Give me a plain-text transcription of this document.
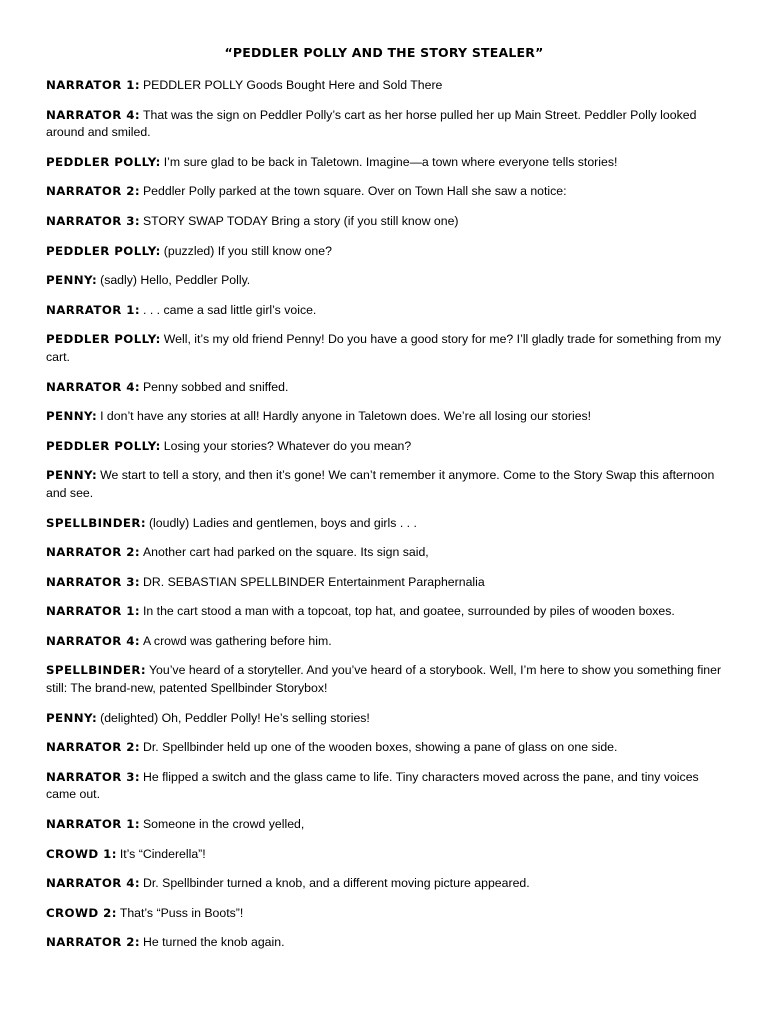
“PEDDLER POLLY AND THE STORY STEALER”
NARRATOR 1: PEDDLER POLLY Goods Bought Here and Sold There
NARRATOR 4: That was the sign on Peddler Polly’s cart as her horse pulled her up Main Street. Peddler Polly looked around and smiled.
PEDDLER POLLY: I’m sure glad to be back in Taletown. Imagine—a town where everyone tells stories!
NARRATOR 2: Peddler Polly parked at the town square. Over on Town Hall she saw a notice:
NARRATOR 3: STORY SWAP TODAY Bring a story (if you still know one)
PEDDLER POLLY: (puzzled) If you still know one?
PENNY: (sadly) Hello, Peddler Polly.
NARRATOR 1: . . . came a sad little girl’s voice.
PEDDLER POLLY: Well, it’s my old friend Penny! Do you have a good story for me? I’ll gladly trade for something from my cart.
NARRATOR 4: Penny sobbed and sniffed.
PENNY: I don’t have any stories at all! Hardly anyone in Taletown does. We’re all losing our stories!
PEDDLER POLLY: Losing your stories? Whatever do you mean?
PENNY: We start to tell a story, and then it’s gone! We can’t remember it anymore. Come to the Story Swap this afternoon and see.
SPELLBINDER: (loudly) Ladies and gentlemen, boys and girls . . .
NARRATOR 2: Another cart had parked on the square. Its sign said,
NARRATOR 3: DR. SEBASTIAN SPELLBINDER Entertainment Paraphernalia
NARRATOR 1: In the cart stood a man with a topcoat, top hat, and goatee, surrounded by piles of wooden boxes.
NARRATOR 4: A crowd was gathering before him.
SPELLBINDER: You’ve heard of a storyteller. And you’ve heard of a storybook. Well, I’m here to show you something finer still: The brand-new, patented Spellbinder Storybox!
PENNY: (delighted) Oh, Peddler Polly! He’s selling stories!
NARRATOR 2: Dr. Spellbinder held up one of the wooden boxes, showing a pane of glass on one side.
NARRATOR 3: He flipped a switch and the glass came to life. Tiny characters moved across the pane, and tiny voices came out.
NARRATOR 1: Someone in the crowd yelled,
CROWD 1: It’s “Cinderella”!
NARRATOR 4: Dr. Spellbinder turned a knob, and a different moving picture appeared.
CROWD 2: That’s “Puss in Boots”!
NARRATOR 2: He turned the knob again.
